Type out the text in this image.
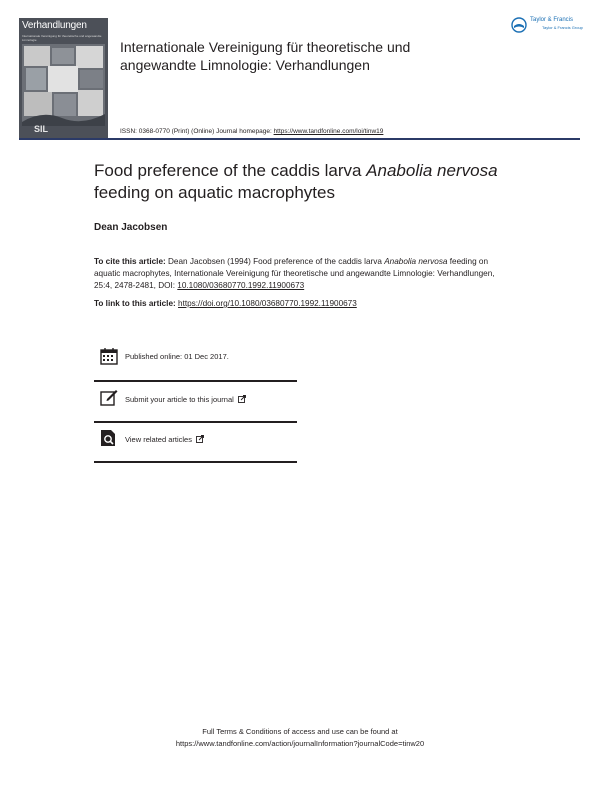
Verhandlungen
Internationale Vereinigung für theoretische und angewandte Limnologie
SIL
Internationale Vereinigung für theoretische und angewandte Limnologie: Verhandlungen
Taylor & Francis
Taylor & Francis Group
ISSN: 0368-0770 (Print) (Online) Journal homepage: https://www.tandfonline.com/loi/tinw19
Food preference of the caddis larva Anabolia nervosa feeding on aquatic macrophytes
Dean Jacobsen
To cite this article: Dean Jacobsen (1994) Food preference of the caddis larva Anabolia nervosa feeding on aquatic macrophytes, Internationale Vereinigung für theoretische und angewandte Limnologie: Verhandlungen, 25:4, 2478-2481, DOI: 10.1080/03680770.1992.11900673
To link to this article: https://doi.org/10.1080/03680770.1992.11900673
Published online: 01 Dec 2017.
Submit your article to this journal
View related articles
Full Terms & Conditions of access and use can be found at
https://www.tandfonline.com/action/journalInformation?journalCode=tinw20
